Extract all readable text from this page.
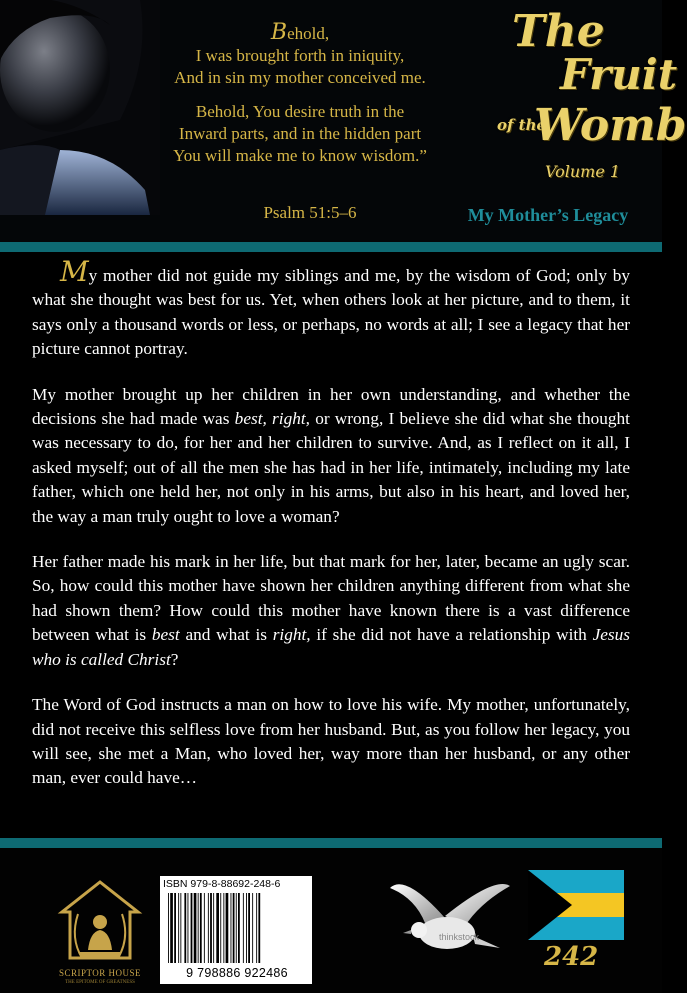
Behold,
I was brought forth in iniquity,
And in sin my mother conceived me.

Behold, You desire truth in the
Inward parts, and in the hidden part
You will make me to know wisdom.”

Psalm 51:5–6
The
Fruit
of the
Womb
Volume 1
My Mother’s Legacy

My mother did not guide my siblings and me, by the wisdom of God; only by what she thought was best for us. Yet, when others look at her picture, and to them, it says only a thousand words or less, or perhaps, no words at all; I see a legacy that her picture cannot portray.

My mother brought up her children in her own understanding, and whether the decisions she had made was best, right, or wrong, I believe she did what she thought was necessary to do, for her and her children to survive. And, as I reflect on it all, I asked myself; out of all the men she has had in her life, intimately, including my late father, which one held her, not only in his arms, but also in his heart, and loved her, the way a man truly ought to love a woman?

Her father made his mark in her life, but that mark for her, later, became an ugly scar. So, how could this mother have shown her children anything different from what she had shown them? How could this mother have known there is a vast difference between what is best and what is right, if she did not have a relationship with Jesus who is called Christ?

The Word of God instructs a man on how to love his wife. My mother, unfortunately, did not receive this selfless love from her husband. But, as you follow her legacy, you will see, she met a Man, who loved her, way more than her husband, or any other man, ever could have…

SCRIPTOR HOUSE
THE EPITOME OF GREATNESS
ISBN 979-8-88692-248-6
9 798886 922486
thinkstock
242
